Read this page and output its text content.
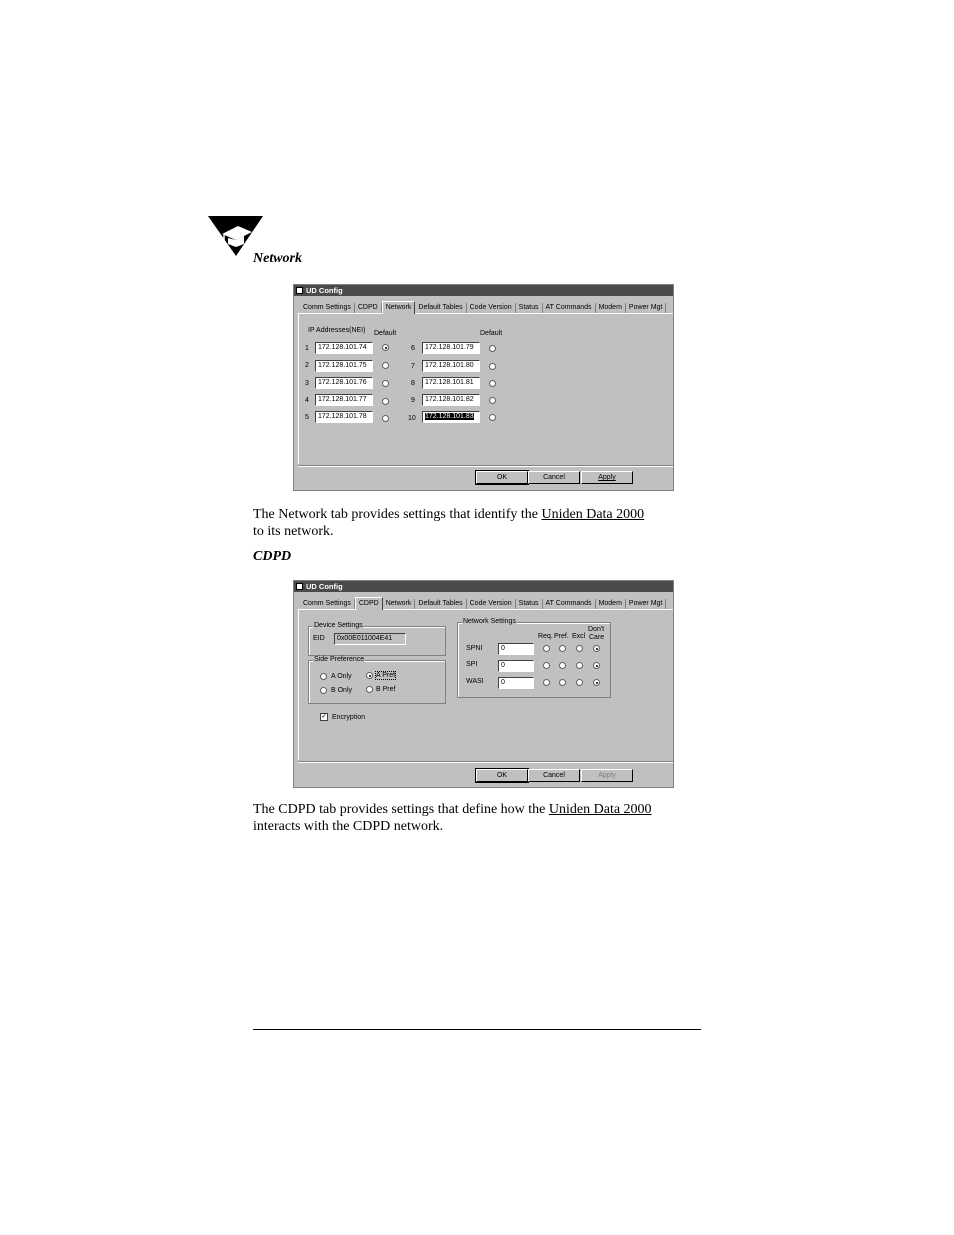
Network
UD Config
Comm Settings	CDPD	Network	Default Tables	Code Version	Status	AT Commands	Modem	Power Mgt
IP Addresses(NEI) Default	Default
1	172.128.101.74
2	172.128.101.75
3	172.128.101.76
4	172.128.101.77
5	172.128.101.78
6	172.128.101.79
7	172.128.101.80
8	172.128.101.81
9	172.128.101.82
10	172.128.101.83
OK	Cancel	Apply
The Network tab provides settings that identify the Uniden Data 2000
to its network.
CDPD
UD Config
Comm Settings	CDPD	Network	Default Tables	Code Version	Status	AT Commands	Modem	Power Mgt
Device Settings
EID	0x00E011004E41
Side Preference
A Only	A Pref
B Only	B Pref
✓ Encryption
Network Settings
Req. Pref. Excl
Don't
Care
SPNI	0
SPI	0
WASI	0
OK	Cancel	Apply
The CDPD tab provides settings that define how the Uniden Data 2000
interacts with the CDPD network.
